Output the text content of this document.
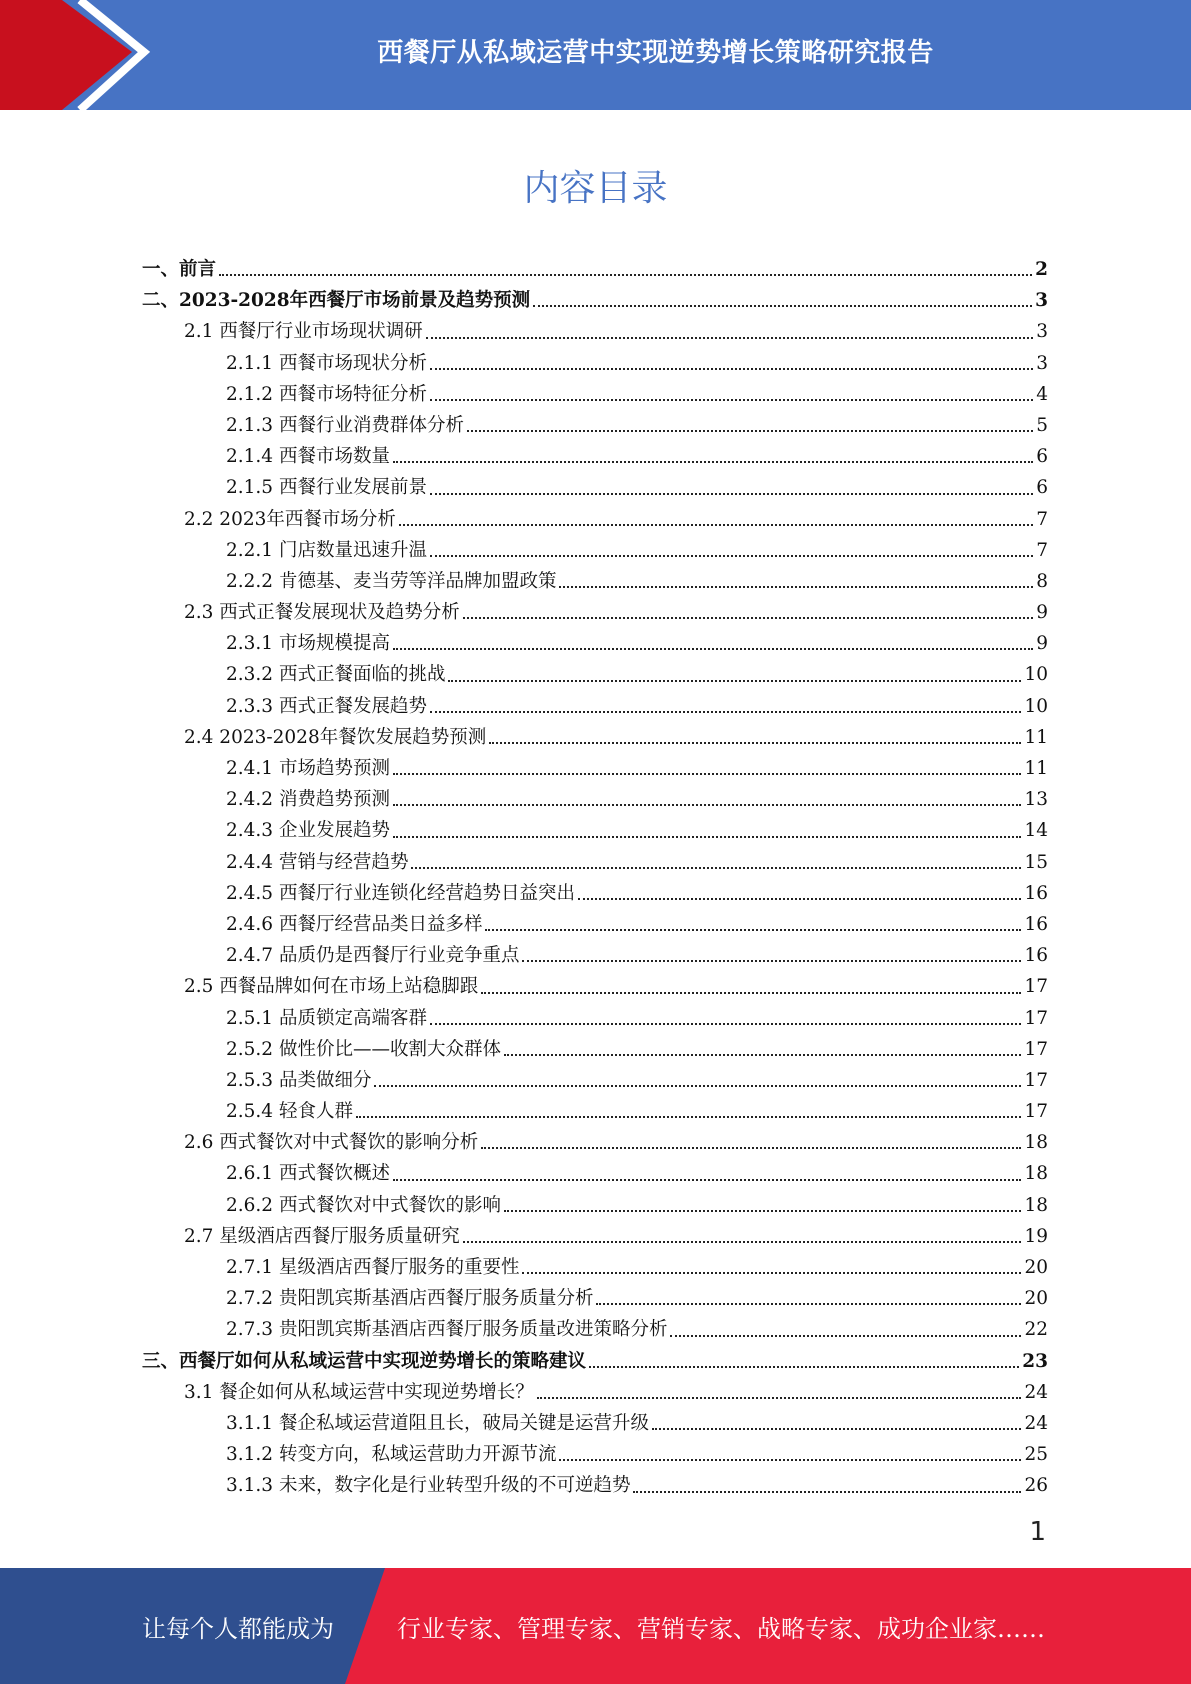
西餐厅从私域运营中实现逆势增长策略研究报告
内容目录
一、前言	2
二、2023-2028年西餐厅市场前景及趋势预测	3
2.1 西餐厅行业市场现状调研	3
2.1.1 西餐市场现状分析	3
2.1.2 西餐市场特征分析	4
2.1.3 西餐行业消费群体分析	5
2.1.4 西餐市场数量	6
2.1.5 西餐行业发展前景	6
2.2 2023年西餐市场分析	7
2.2.1 门店数量迅速升温	7
2.2.2 肯德基、麦当劳等洋品牌加盟政策	8
2.3 西式正餐发展现状及趋势分析	9
2.3.1 市场规模提高	9
2.3.2 西式正餐面临的挑战	10
2.3.3 西式正餐发展趋势	10
2.4 2023-2028年餐饮发展趋势预测	11
2.4.1 市场趋势预测	11
2.4.2 消费趋势预测	13
2.4.3 企业发展趋势	14
2.4.4 营销与经营趋势	15
2.4.5 西餐厅行业连锁化经营趋势日益突出	16
2.4.6 西餐厅经营品类日益多样	16
2.4.7 品质仍是西餐厅行业竞争重点	16
2.5 西餐品牌如何在市场上站稳脚跟	17
2.5.1 品质锁定高端客群	17
2.5.2 做性价比——收割大众群体	17
2.5.3 品类做细分	17
2.5.4 轻食人群	17
2.6 西式餐饮对中式餐饮的影响分析	18
2.6.1 西式餐饮概述	18
2.6.2 西式餐饮对中式餐饮的影响	18
2.7 星级酒店西餐厅服务质量研究	19
2.7.1 星级酒店西餐厅服务的重要性	20
2.7.2 贵阳凯宾斯基酒店西餐厅服务质量分析	20
2.7.3 贵阳凯宾斯基酒店西餐厅服务质量改进策略分析	22
三、西餐厅如何从私域运营中实现逆势增长的策略建议	23
3.1 餐企如何从私域运营中实现逆势增长？	24
3.1.1 餐企私域运营道阻且长，破局关键是运营升级	24
3.1.2 转变方向，私域运营助力开源节流	25
3.1.3 未来，数字化是行业转型升级的不可逆趋势	26
1
让每个人都能成为	行业专家、管理专家、营销专家、战略专家、成功企业家……
